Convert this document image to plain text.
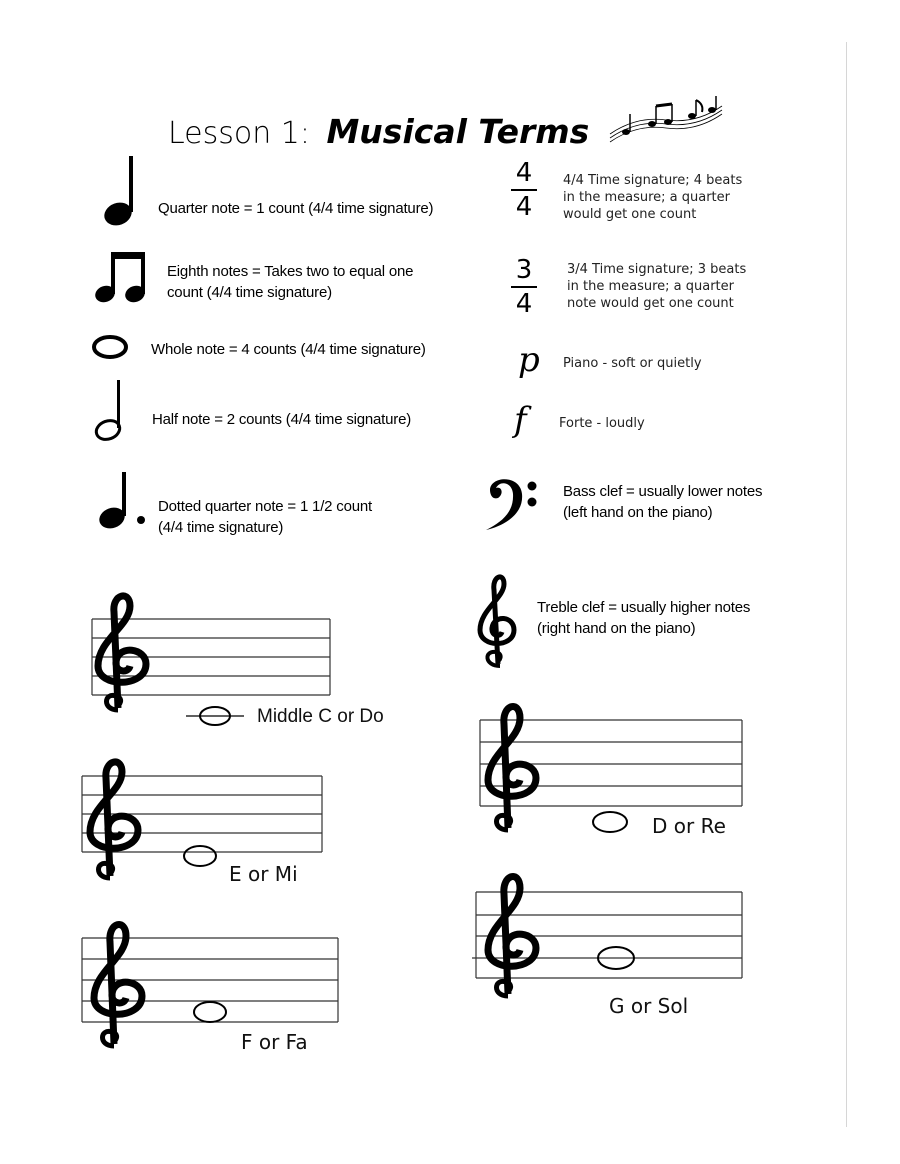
Lesson 1: Musical Terms
Quarter note = 1 count (4/4 time signature)
Eighth notes = Takes two to equal one
count (4/4 time signature)
Whole note = 4 counts (4/4 time signature)
Half note = 2 counts (4/4 time signature)
Dotted quarter note = 1 1/2 count
(4/4 time signature)
4
4
4/4 Time signature; 4 beats
in the measure; a quarter
would get one count
3
4
3/4 Time signature; 3 beats
in the measure; a quarter
note would get one count
p Piano - soft or quietly
f Forte - loudly
Bass clef = usually lower notes
(left hand on the piano)
Treble clef = usually higher notes
(right hand on the piano)
Middle C or Do
E or Mi
F or Fa
D or Re
G or Sol
